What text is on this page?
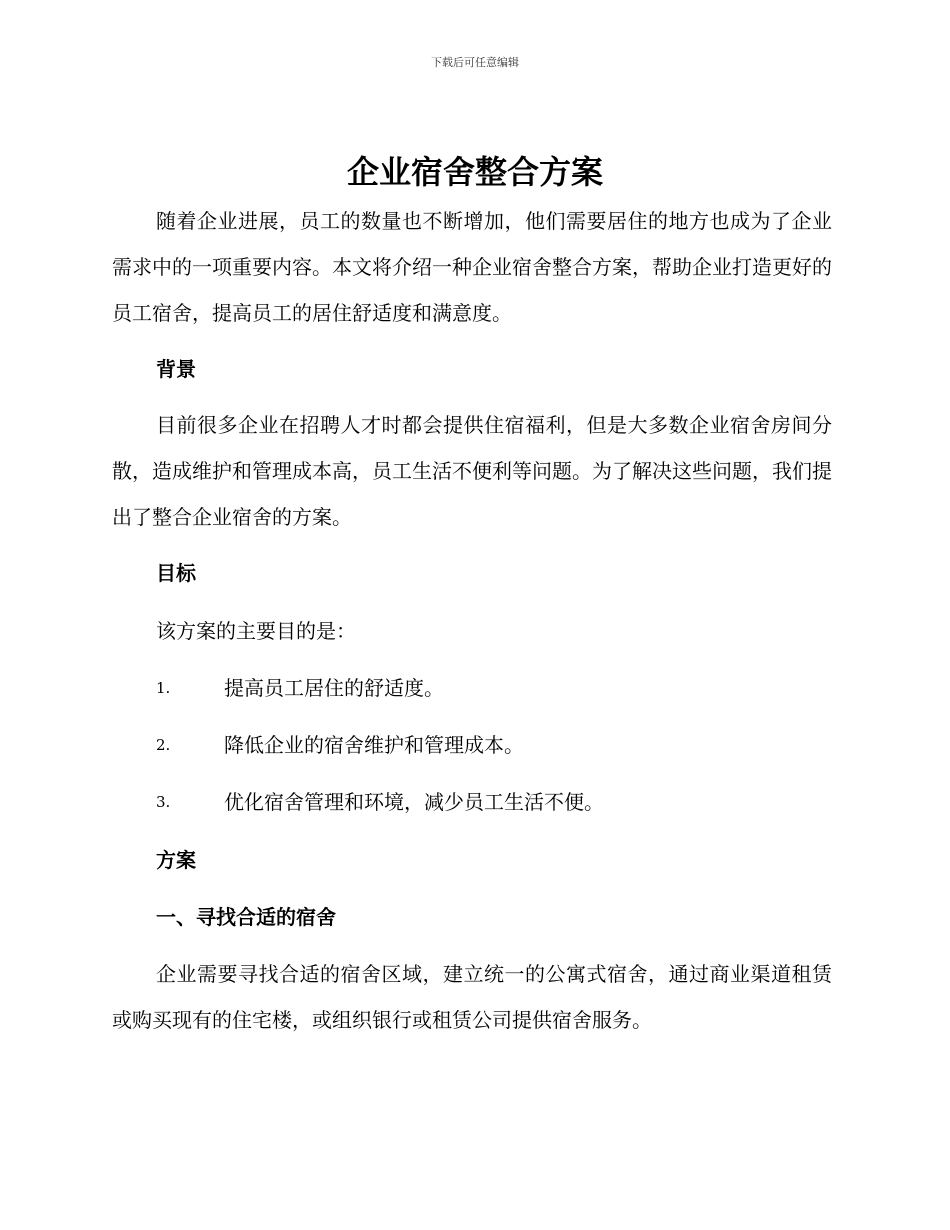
下载后可任意编辑
企业宿舍整合方案
随着企业进展，员工的数量也不断增加，他们需要居住的地方也成为了企业需求中的一项重要内容。本文将介绍一种企业宿舍整合方案，帮助企业打造更好的员工宿舍，提高员工的居住舒适度和满意度。
背景
目前很多企业在招聘人才时都会提供住宿福利，但是大多数企业宿舍房间分散，造成维护和管理成本高，员工生活不便利等问题。为了解决这些问题，我们提出了整合企业宿舍的方案。
目标
该方案的主要目的是：
1.	提高员工居住的舒适度。
2.	降低企业的宿舍维护和管理成本。
3.	优化宿舍管理和环境，减少员工生活不便。
方案
一、寻找合适的宿舍
企业需要寻找合适的宿舍区域，建立统一的公寓式宿舍，通过商业渠道租赁或购买现有的住宅楼，或组织银行或租赁公司提供宿舍服务。
